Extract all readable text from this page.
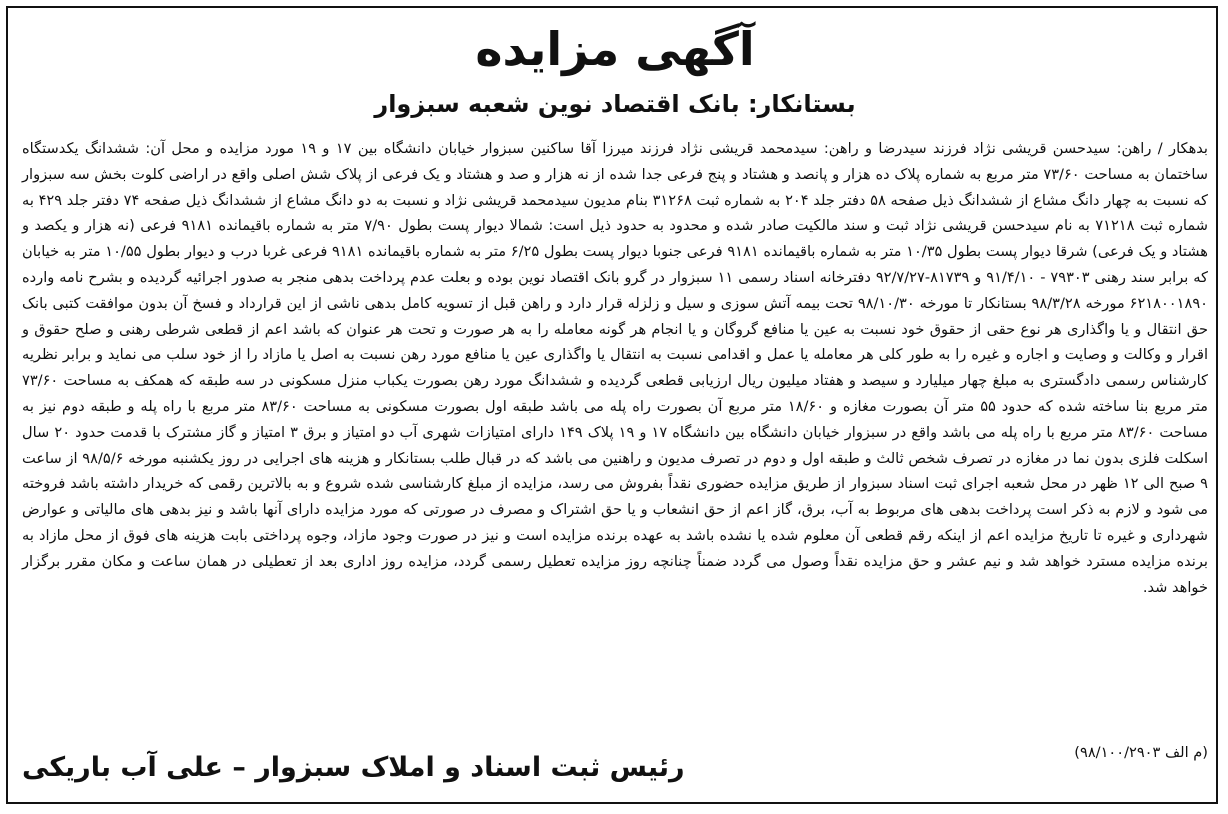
آگهی مزایده
بستانکار: بانک اقتصاد نوین شعبه سبزوار

بدهکار / راهن: سیدحسن قریشی نژاد فرزند سیدرضا و راهن: سیدمحمد قریشی نژاد فرزند میرزا آقا ساکنین سبزوار خیابان دانشگاه بین ۱۷ و ۱۹ مورد مزایده و محل آن: ششدانگ یکدستگاه ساختمان به مساحت ۷۳/۶۰ متر مربع به شماره پلاک ده هزار و پانصد و هشتاد و پنج فرعی جدا شده از نه هزار و صد و هشتاد و یک فرعی از پلاک شش اصلی واقع در اراضی کلوت بخش سه سبزوار که نسبت به چهار دانگ مشاع از ششدانگ ذیل صفحه ۵۸ دفتر جلد ۲۰۴ به شماره ثبت ۳۱۲۶۸ بنام مدیون سیدمحمد قریشی نژاد و نسبت به دو دانگ مشاع از ششدانگ ذیل صفحه ۷۴ دفتر جلد ۴۲۹ به شماره ثبت ۷۱۲۱۸ به نام سیدحسن قریشی نژاد ثبت و سند مالکیت صادر شده و محدود به حدود ذیل است: شمالا دیوار پست بطول ۷/۹۰ متر به شماره باقیمانده ۹۱۸۱ فرعی (نه هزار و یکصد و هشتاد و یک فرعی) شرقا دیوار پست بطول ۱۰/۳۵ متر به شماره باقیمانده ۹۱۸۱ فرعی جنوبا دیوار پست بطول ۶/۲۵ متر به شماره باقیمانده ۹۱۸۱ فرعی غربا درب و دیوار بطول ۱۰/۵۵ متر به خیابان که برابر سند رهنی ۷۹۳۰۳ - ۹۱/۴/۱۰ و ۸۱۷۳۹-۹۲/۷/۲۷ دفترخانه اسناد رسمی ۱۱ سبزوار در گرو بانک اقتصاد نوین بوده و بعلت عدم پرداخت بدهی منجر به صدور اجرائیه گردیده و بشرح نامه وارده ۶۲۱۸۰۰۱۸۹۰ مورخه ۹۸/۳/۲۸ بستانکار تا مورخه ۹۸/۱۰/۳۰ تحت بیمه آتش سوزی و سیل و زلزله قرار دارد و راهن قبل از تسویه کامل بدهی ناشی از این قرارداد و فسخ آن بدون موافقت کتبی بانک حق انتقال و یا واگذاری هر نوع حقی از حقوق خود نسبت به عین یا منافع گروگان و یا انجام هر گونه معامله را به هر صورت و تحت هر عنوان که باشد اعم از قطعی شرطی رهنی و صلح حقوق و اقرار و وکالت و وصایت و اجاره و غیره را به طور کلی هر معامله یا عمل و اقدامی نسبت به انتقال یا واگذاری عین یا منافع مورد رهن نسبت به اصل یا مازاد را از خود سلب می نماید و برابر نظریه کارشناس رسمی دادگستری به مبلغ چهار میلیارد و سیصد و هفتاد میلیون ریال ارزیابی قطعی گردیده و ششدانگ مورد رهن بصورت یکباب منزل مسکونی در سه طبقه که همکف به مساحت ۷۳/۶۰ متر مربع بنا ساخته شده که حدود ۵۵ متر آن بصورت مغازه و ۱۸/۶۰ متر مربع آن بصورت راه پله می باشد طبقه اول بصورت مسکونی به مساحت ۸۳/۶۰ متر مربع با راه پله و طبقه دوم نیز به مساحت ۸۳/۶۰ متر مربع با راه پله می باشد واقع در سبزوار خیابان دانشگاه بین دانشگاه ۱۷ و ۱۹ پلاک ۱۴۹ دارای امتیازات شهری آب دو امتیاز و برق ۳ امتیاز و گاز مشترک با قدمت حدود ۲۰ سال اسکلت فلزی بدون نما در مغازه در تصرف شخص ثالث و طبقه اول و دوم در تصرف مدیون و راهنین می باشد که در قبال طلب بستانکار و هزینه های اجرایی در روز یکشنبه مورخه ۹۸/۵/۶ از ساعت ۹ صبح الی ۱۲ ظهر در محل شعبه اجرای ثبت اسناد سبزوار از طریق مزایده حضوری نقداً بفروش می رسد، مزایده از مبلغ کارشناسی شده شروع و به بالاترین رقمی که خریدار داشته باشد فروخته می شود و لازم به ذکر است پرداخت بدهی های مربوط به آب، برق، گاز اعم از حق انشعاب و یا حق اشتراک و مصرف در صورتی که مورد مزایده دارای آنها باشد و نیز بدهی های مالیاتی و عوارض شهرداری و غیره تا تاریخ مزایده اعم از اینکه رقم قطعی آن معلوم شده یا نشده باشد به عهده برنده مزایده است و نیز در صورت وجود مازاد، وجوه پرداختی بابت هزینه های فوق از محل مازاد به برنده مزایده مسترد خواهد شد و نیم عشر و حق مزایده نقداً وصول می گردد ضمناً چنانچه روز مزایده تعطیل رسمی گردد، مزایده روز اداری بعد از تعطیلی در همان ساعت و مکان مقرر برگزار خواهد شد.

(م الف ۹۸/۱۰۰/۲۹۰۳)
رئیس ثبت اسناد و املاک سبزوار – علی آب باریکی
